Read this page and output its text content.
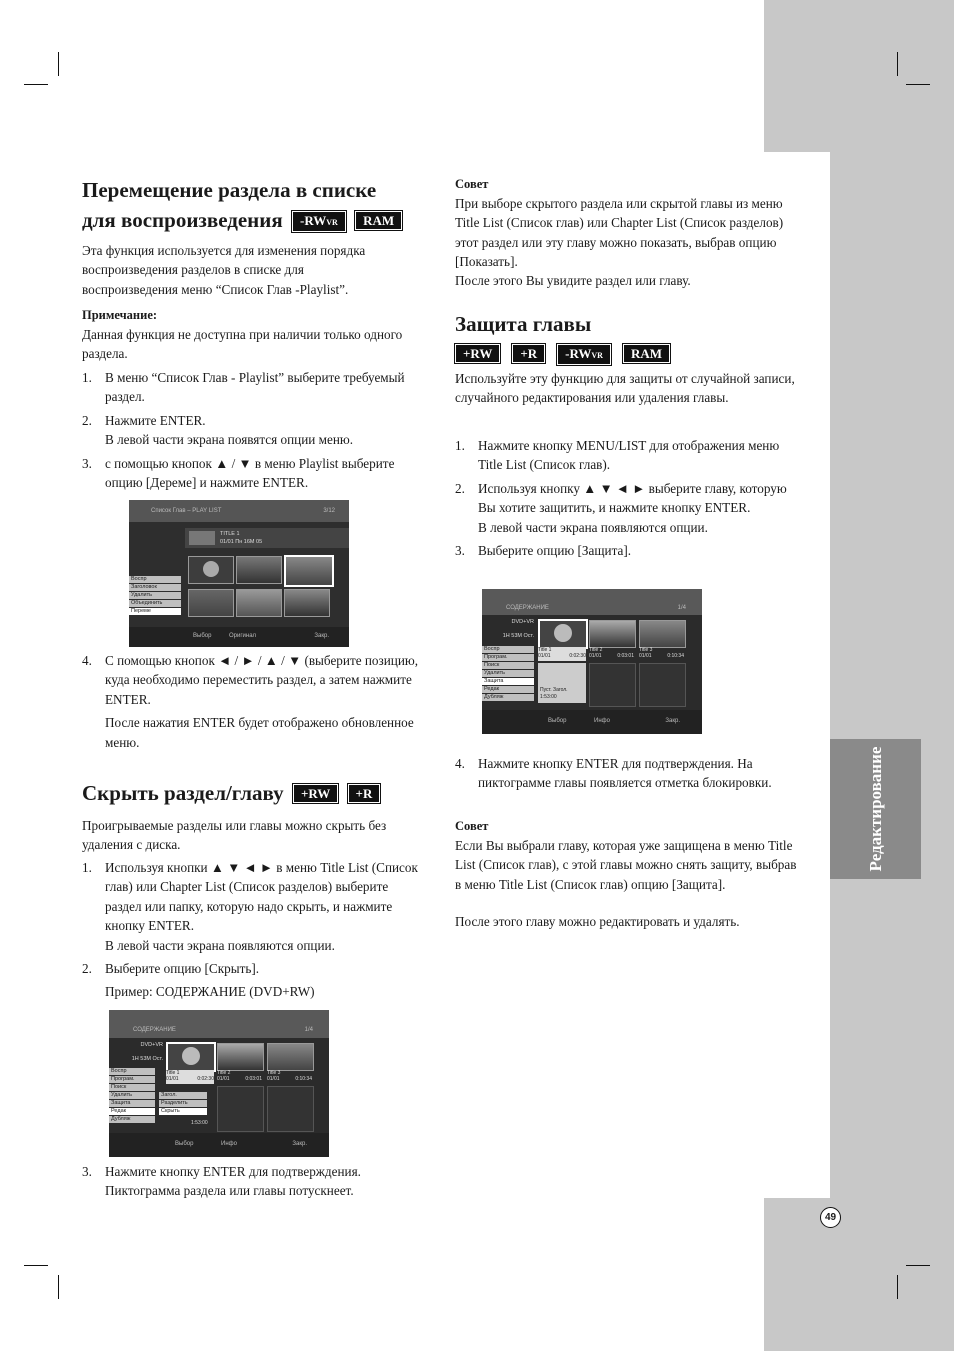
Редактирование
49
Перемещение раздела в списке
для воспроизведения -RWVR RAM

Эта функция используется для изменения порядка воспроизведения разделов в списке для воспроизведения меню “Список Глав -Playlist”.

Примечание:

Данная функция не доступна при наличии только одного раздела.

1. В меню “Список Глав - Playlist” выберите требуемый раздел.
2. Нажмите ENTER.
В левой части экрана появятся опции меню.
3. с помощью кнопок ▲ / ▼ в меню Playlist выберите опцию [Дереме] и нажмите ENTER.
Список Глав – PLAY LIST	3/12
TITLE 1
01/01 Пн 16М 05
Воспр
Заголовок
Удалить
Объединить
Переме
Выбор	Оригинал	Закр.
4. С помощью кнопок ◄ / ► / ▲ / ▼ (выберите позицию, куда необходимо переместить раздел, а затем нажмите ENTER.
После нажатия ENTER будет отображено обновленное меню.
Скрыть раздел/главу +RW +R

Проигрываемые разделы или главы можно скрыть без удаления с диска.

1. Используя кнопки ▲ ▼ ◄ ► в меню Title List (Список глав) или Chapter List (Список разделов) выберите раздел или папку, которую надо скрыть, и нажмите кнопку ENTER.
В левой части экрана появляются опции.
2. Выберите опцию [Скрыть].
Пример: СОДЕРЖАНИЕ (DVD+RW)
СОДЕРЖАНИЕ	1/4
DVD+VR
1Н 53М Ост.
Title 1
01/01	0:02:30
Title 2
01/01	0:03:01
Title 3
01/01	0:10:34
Воспр
Програм.
Поиск
Удалить
Защита
Редак
Дубляж
Загол.
Разделить
Скрыть
1:53:00
Выбор	Инфо	Закр.
3. Нажмите кнопку ENTER для подтверждения. Пиктограмма раздела или главы потускнеет.
Совет

При выборе скрытого раздела или скрытой главы из меню Title List (Список глав) или Chapter List (Список разделов) этот раздел или эту главу можно показать, выбрав опцию [Показать].

После этого Вы увидите раздел или главу.

Защита главы
+RW +R -RWVR RAM

Используйте эту функцию для защиты от случайной записи, случайного редактирования или удаления главы.

1. Нажмите кнопку MENU/LIST для отображения меню Title List (Список глав).
2. Используя кнопку ▲ ▼ ◄ ► выберите главу, которую Вы хотите защитить, и нажмите кнопку ENTER.
В левой части экрана появляются опции.
3. Выберите опцию [Защита].
СОДЕРЖАНИЕ	1/4
DVD+VR
1Н 53М Ост.
Title 1
01/01	0:02:30
Title 2
01/01	0:03:01
Title 3
01/01	0:10:34
Пуст. Загол.
1:53:00
Воспр
Програм.
Поиск
Удалить
Защита
Редак
Дубляж
Выбор	Инфо	Закр.
4. Нажмите кнопку ENTER для подтверждения. На пиктограмме главы появляется отметка блокировки.
Совет

Если Вы выбрали главу, которая уже защищена в меню Title List (Список глав), с этой главы можно снять защиту, выбрав в меню Title List (Список глав) опцию [Защита].

После этого главу можно редактировать и удалять.
